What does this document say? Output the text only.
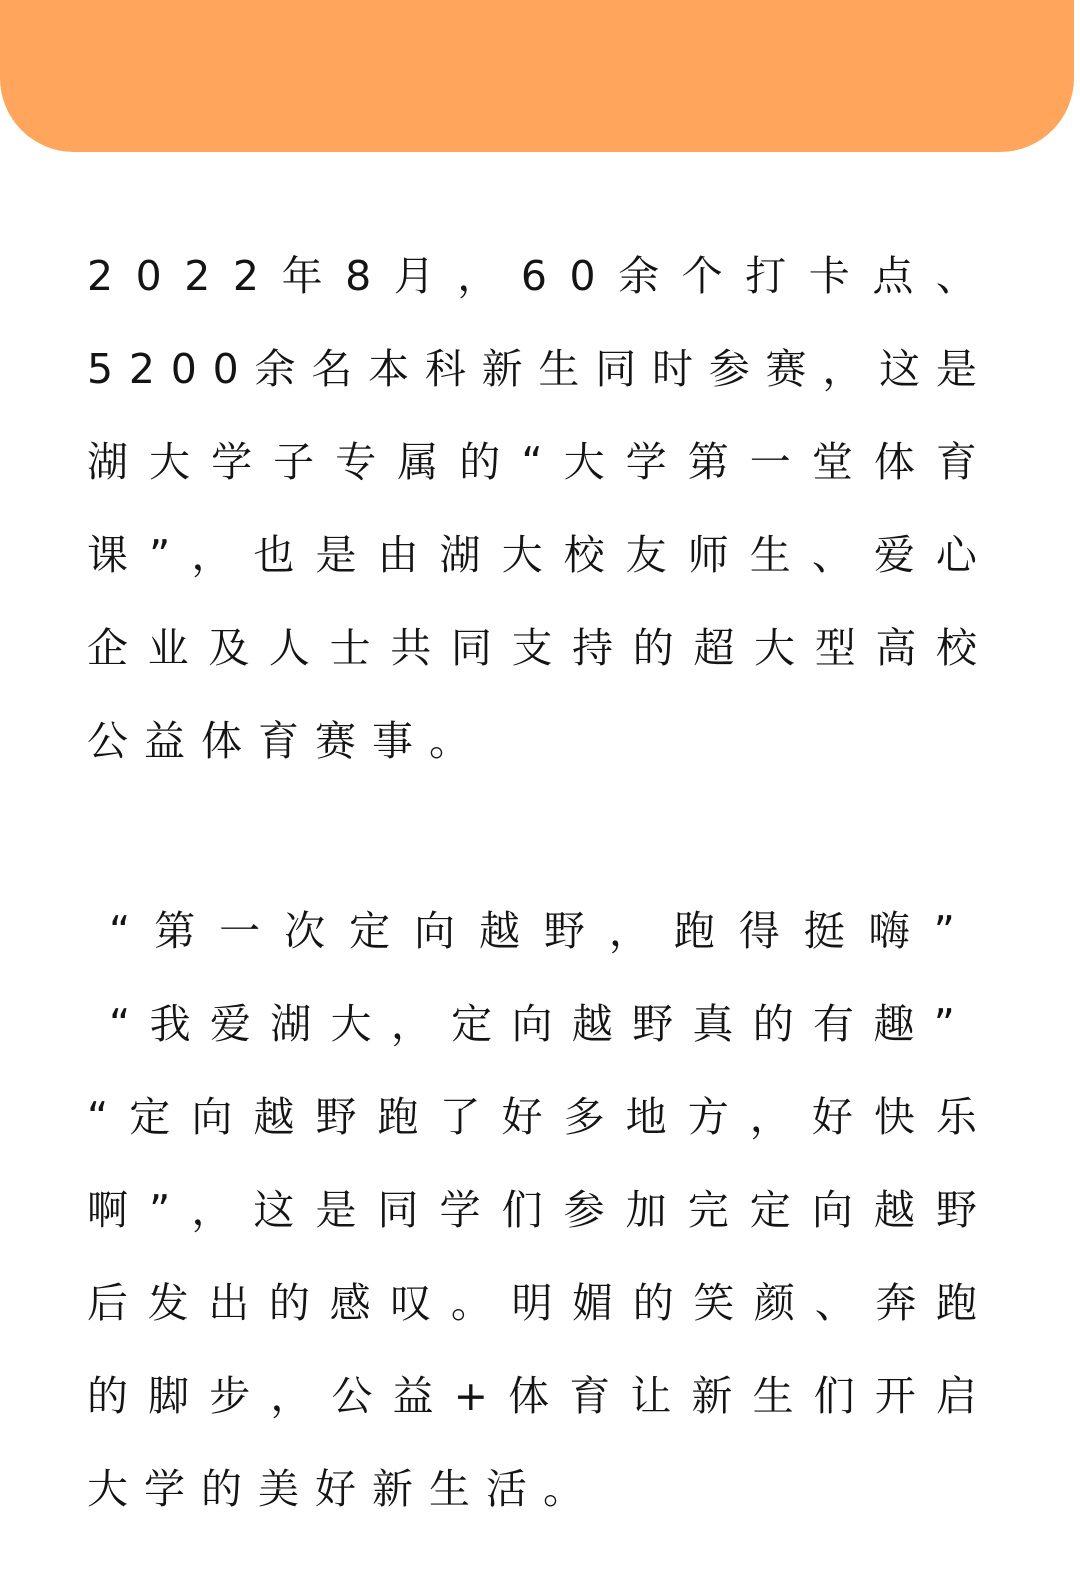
2 0 2 2 年 8 月 ， 6 0 余 个 打 卡 点 、
5 2 0 0 余 名 本 科 新 生 同 时 参 赛 ， 这 是
湖 大 学 子 专 属 的 “ 大 学 第 一 堂 体 育
课 ” ， 也 是 由 湖 大 校 友 师 生 、 爱 心
企 业 及 人 士 共 同 支 持 的 超 大 型 高 校
公 益 体 育 赛 事 。
“ 第 一 次 定 向 越 野 ， 跑 得 挺 嗨 ”
“ 我 爱 湖 大 ， 定 向 越 野 真 的 有 趣 ”
“ 定 向 越 野 跑 了 好 多 地 方 ， 好 快 乐
啊 ” ， 这 是 同 学 们 参 加 完 定 向 越 野
后 发 出 的 感 叹 。 明 媚 的 笑 颜 、 奔 跑
的 脚 步 ， 公 益 + 体 育 让 新 生 们 开 启
大 学 的 美 好 新 生 活 。
